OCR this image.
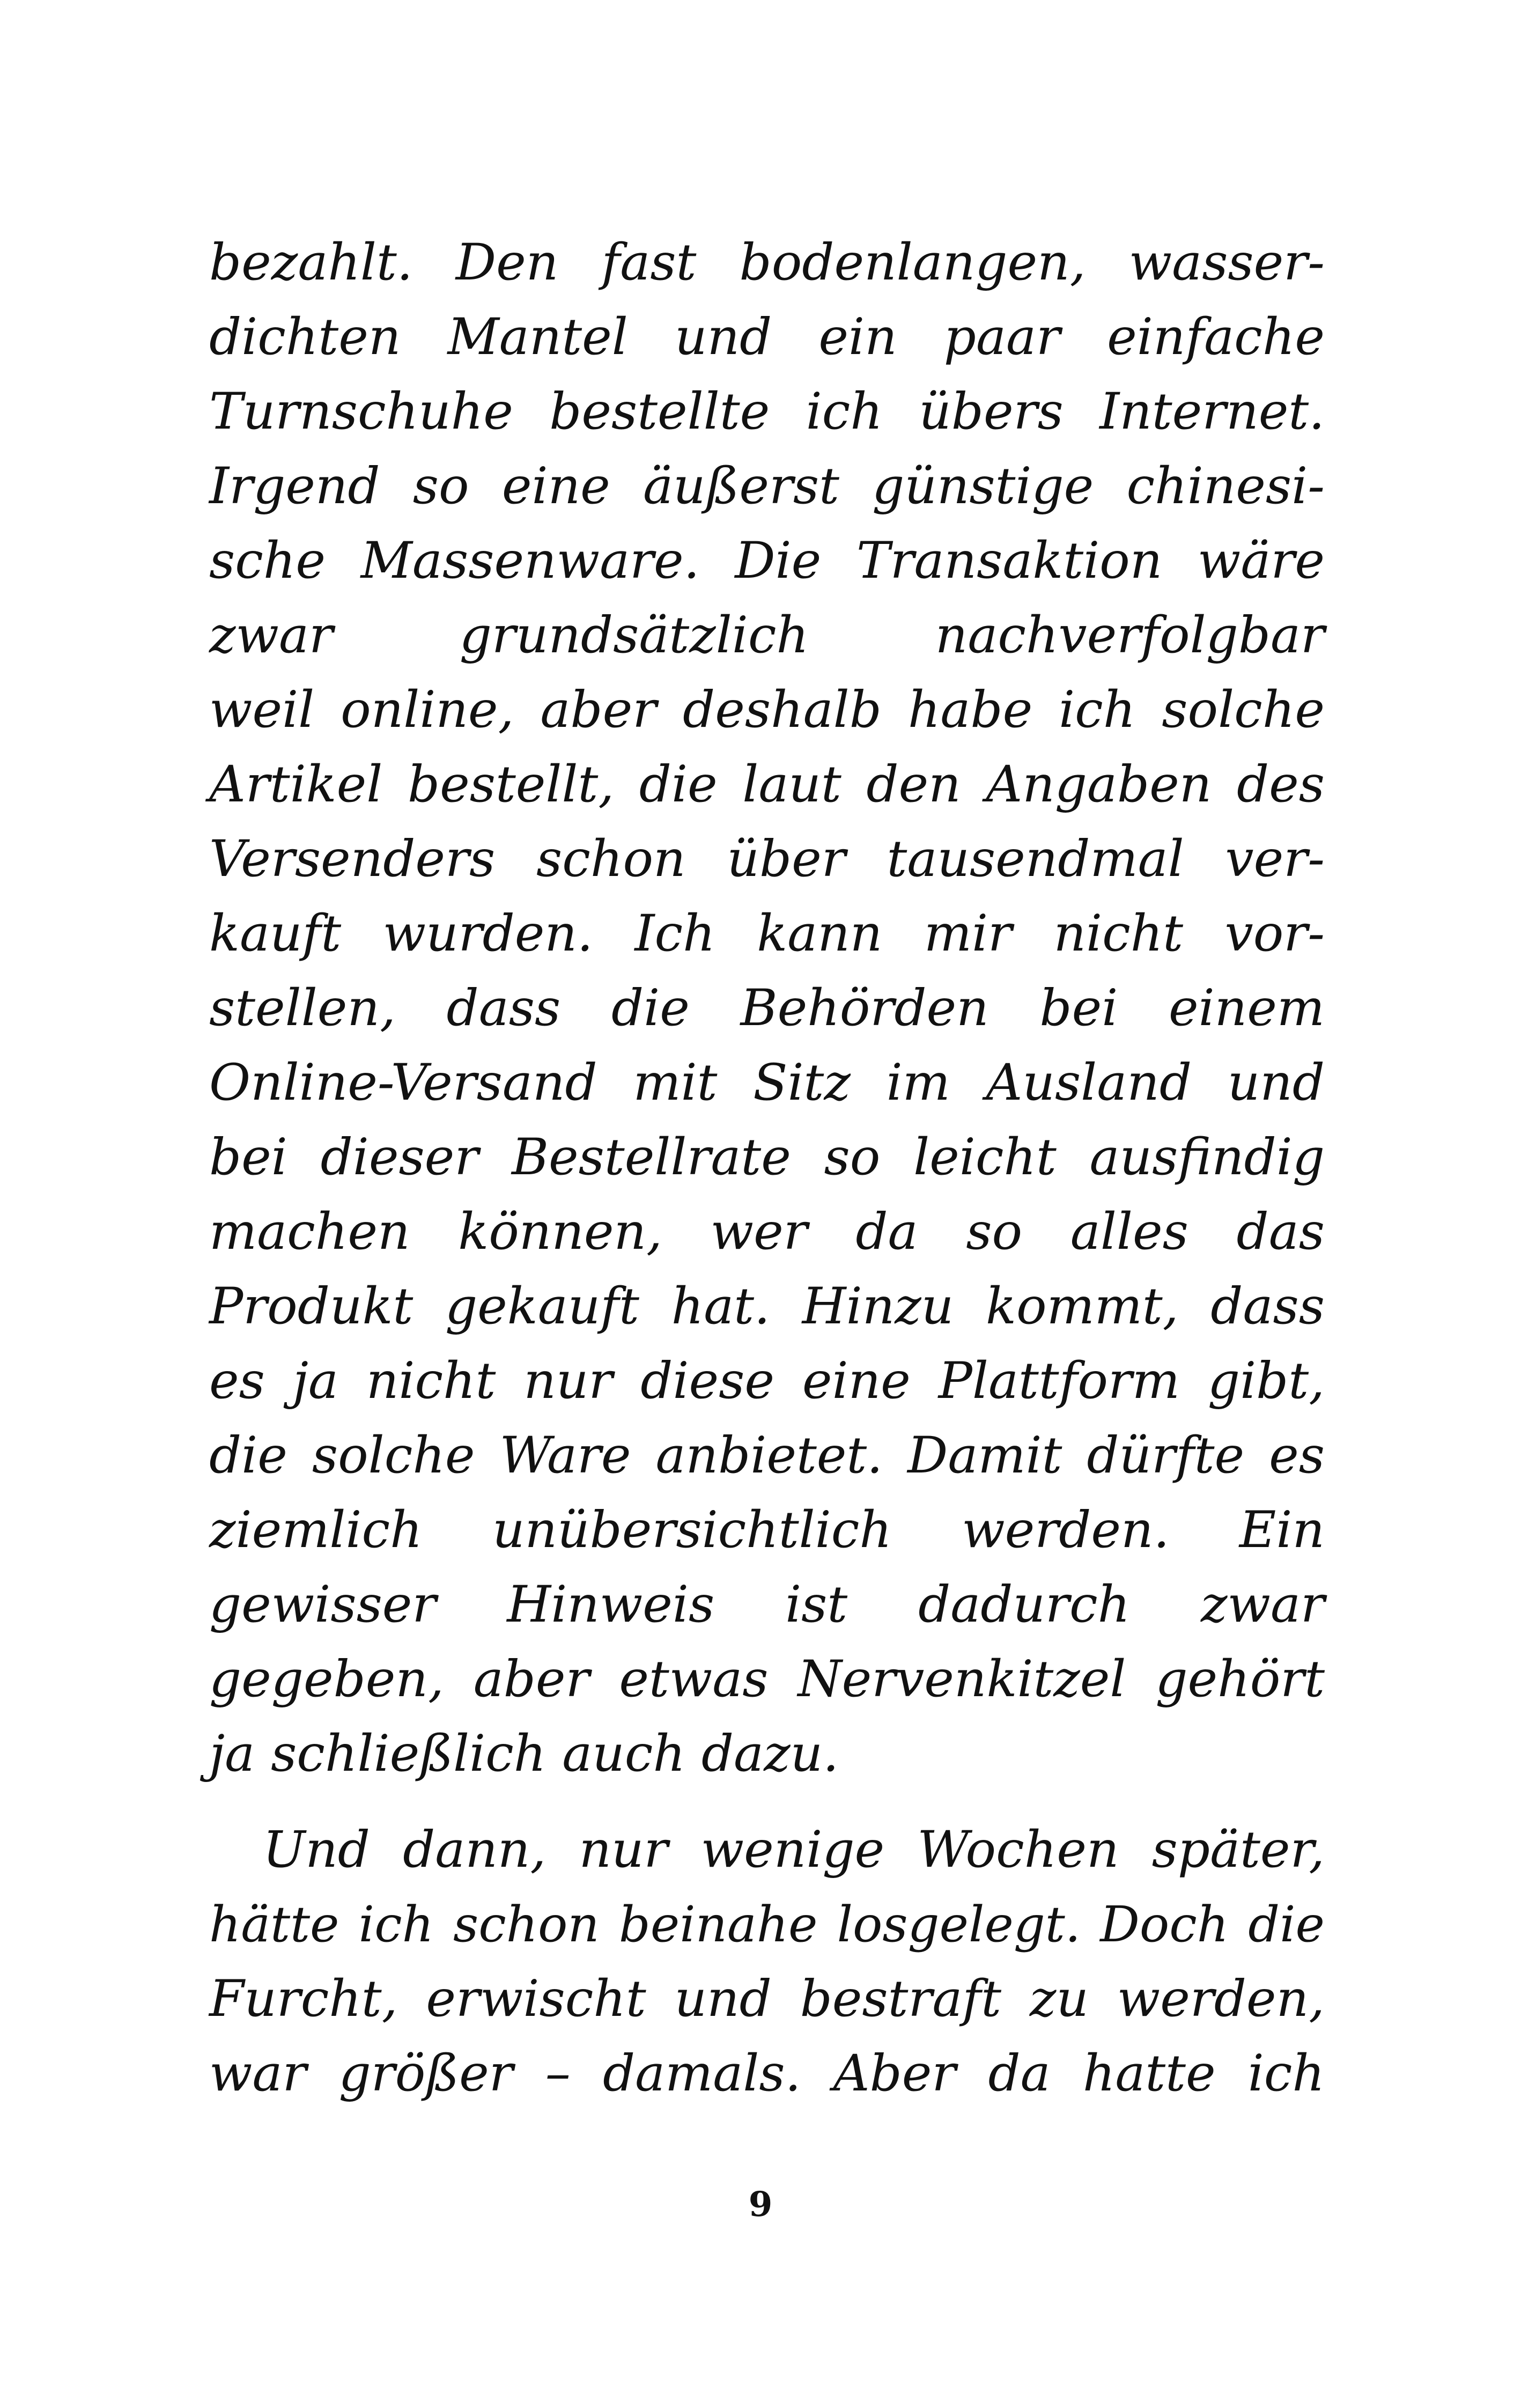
bezahlt. Den fast bodenlangen, wasser-
dichten Mantel und ein paar einfache
Turnschuhe bestellte ich übers Internet.
Irgend so eine äußerst günstige chinesi-
sche Massenware. Die Transaktion wäre
zwar grundsätzlich nachverfolgbar
weil online, aber deshalb habe ich solche
Artikel bestellt, die laut den Angaben des
Versenders schon über tausendmal ver-
kauft wurden. Ich kann mir nicht vor-
stellen, dass die Behörden bei einem
Online-Versand mit Sitz im Ausland und
bei dieser Bestellrate so leicht ausfindig
machen können, wer da so alles das
Produkt gekauft hat. Hinzu kommt, dass
es ja nicht nur diese eine Plattform gibt,
die solche Ware anbietet. Damit dürfte es
ziemlich unübersichtlich werden. Ein
gewisser Hinweis ist dadurch zwar
gegeben, aber etwas Nervenkitzel gehört
ja schließlich auch dazu.
Und dann, nur wenige Wochen später,
hätte ich schon beinahe losgelegt. Doch die
Furcht, erwischt und bestraft zu werden,
war größer – damals. Aber da hatte ich
9
